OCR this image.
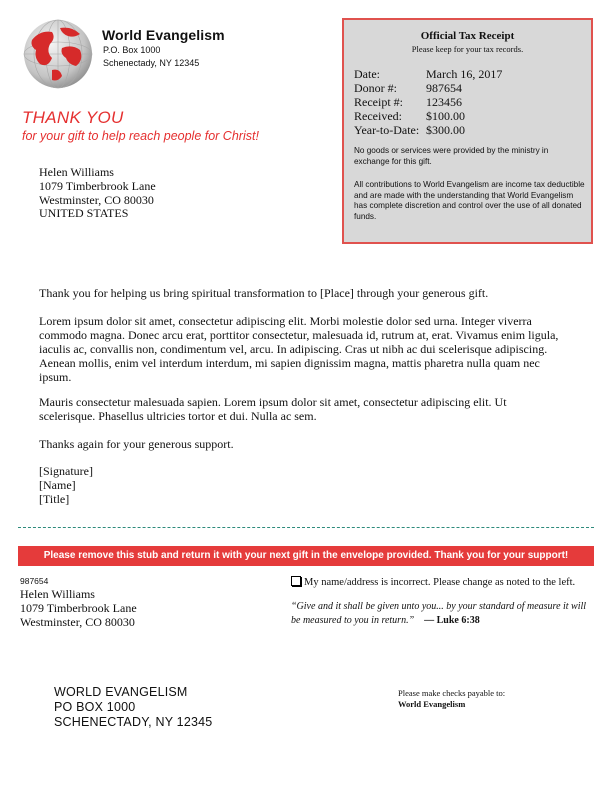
World Evangelism
P.O. Box 1000
Schenectady, NY 12345
THANK YOU
for your gift to help reach people for Christ!
Helen Williams
1079 Timberbrook Lane
Westminster, CO 80030
UNITED STATES
Official Tax Receipt
Please keep for your tax records.
Date:	March 16, 2017
Donor #: 987654
Receipt #: 123456
Received: $100.00
Year-to-Date: $300.00
No goods or services were provided by the ministry in exchange for this gift.
All contributions to World Evangelism are income tax deductible and are made with the understanding that World Evangelism has complete discretion and control over the use of all donated funds.
Thank you for helping us bring spiritual transformation to [Place] through your generous gift.
Lorem ipsum dolor sit amet, consectetur adipiscing elit. Morbi molestie dolor sed urna. Integer viverra commodo magna. Donec arcu erat, porttitor consectetur, malesuada id, rutrum at, erat. Vivamus enim ligula, iaculis ac, convallis non, condimentum vel, arcu. In adipiscing. Cras ut nibh ac dui scelerisque adipiscing. Aenean mollis, enim vel interdum interdum, mi sapien dignissim magna, mattis pharetra nulla quam nec ipsum.
Mauris consectetur malesuada sapien. Lorem ipsum dolor sit amet, consectetur adipiscing elit. Ut scelerisque. Phasellus ultricies tortor et dui. Nulla ac sem.
Thanks again for your generous support.
[Signature]
[Name]
[Title]
Please remove this stub and return it with your next gift in the envelope provided. Thank you for your support!
987654
Helen Williams
1079 Timberbrook Lane
Westminster, CO 80030
My name/address is incorrect. Please change as noted to the left.
“Give and it shall be given unto you... by your standard of measure it will be measured to you in return.” — Luke 6:38
WORLD EVANGELISM
PO BOX 1000
SCHENECTADY, NY 12345
Please make checks payable to:
World Evangelism
